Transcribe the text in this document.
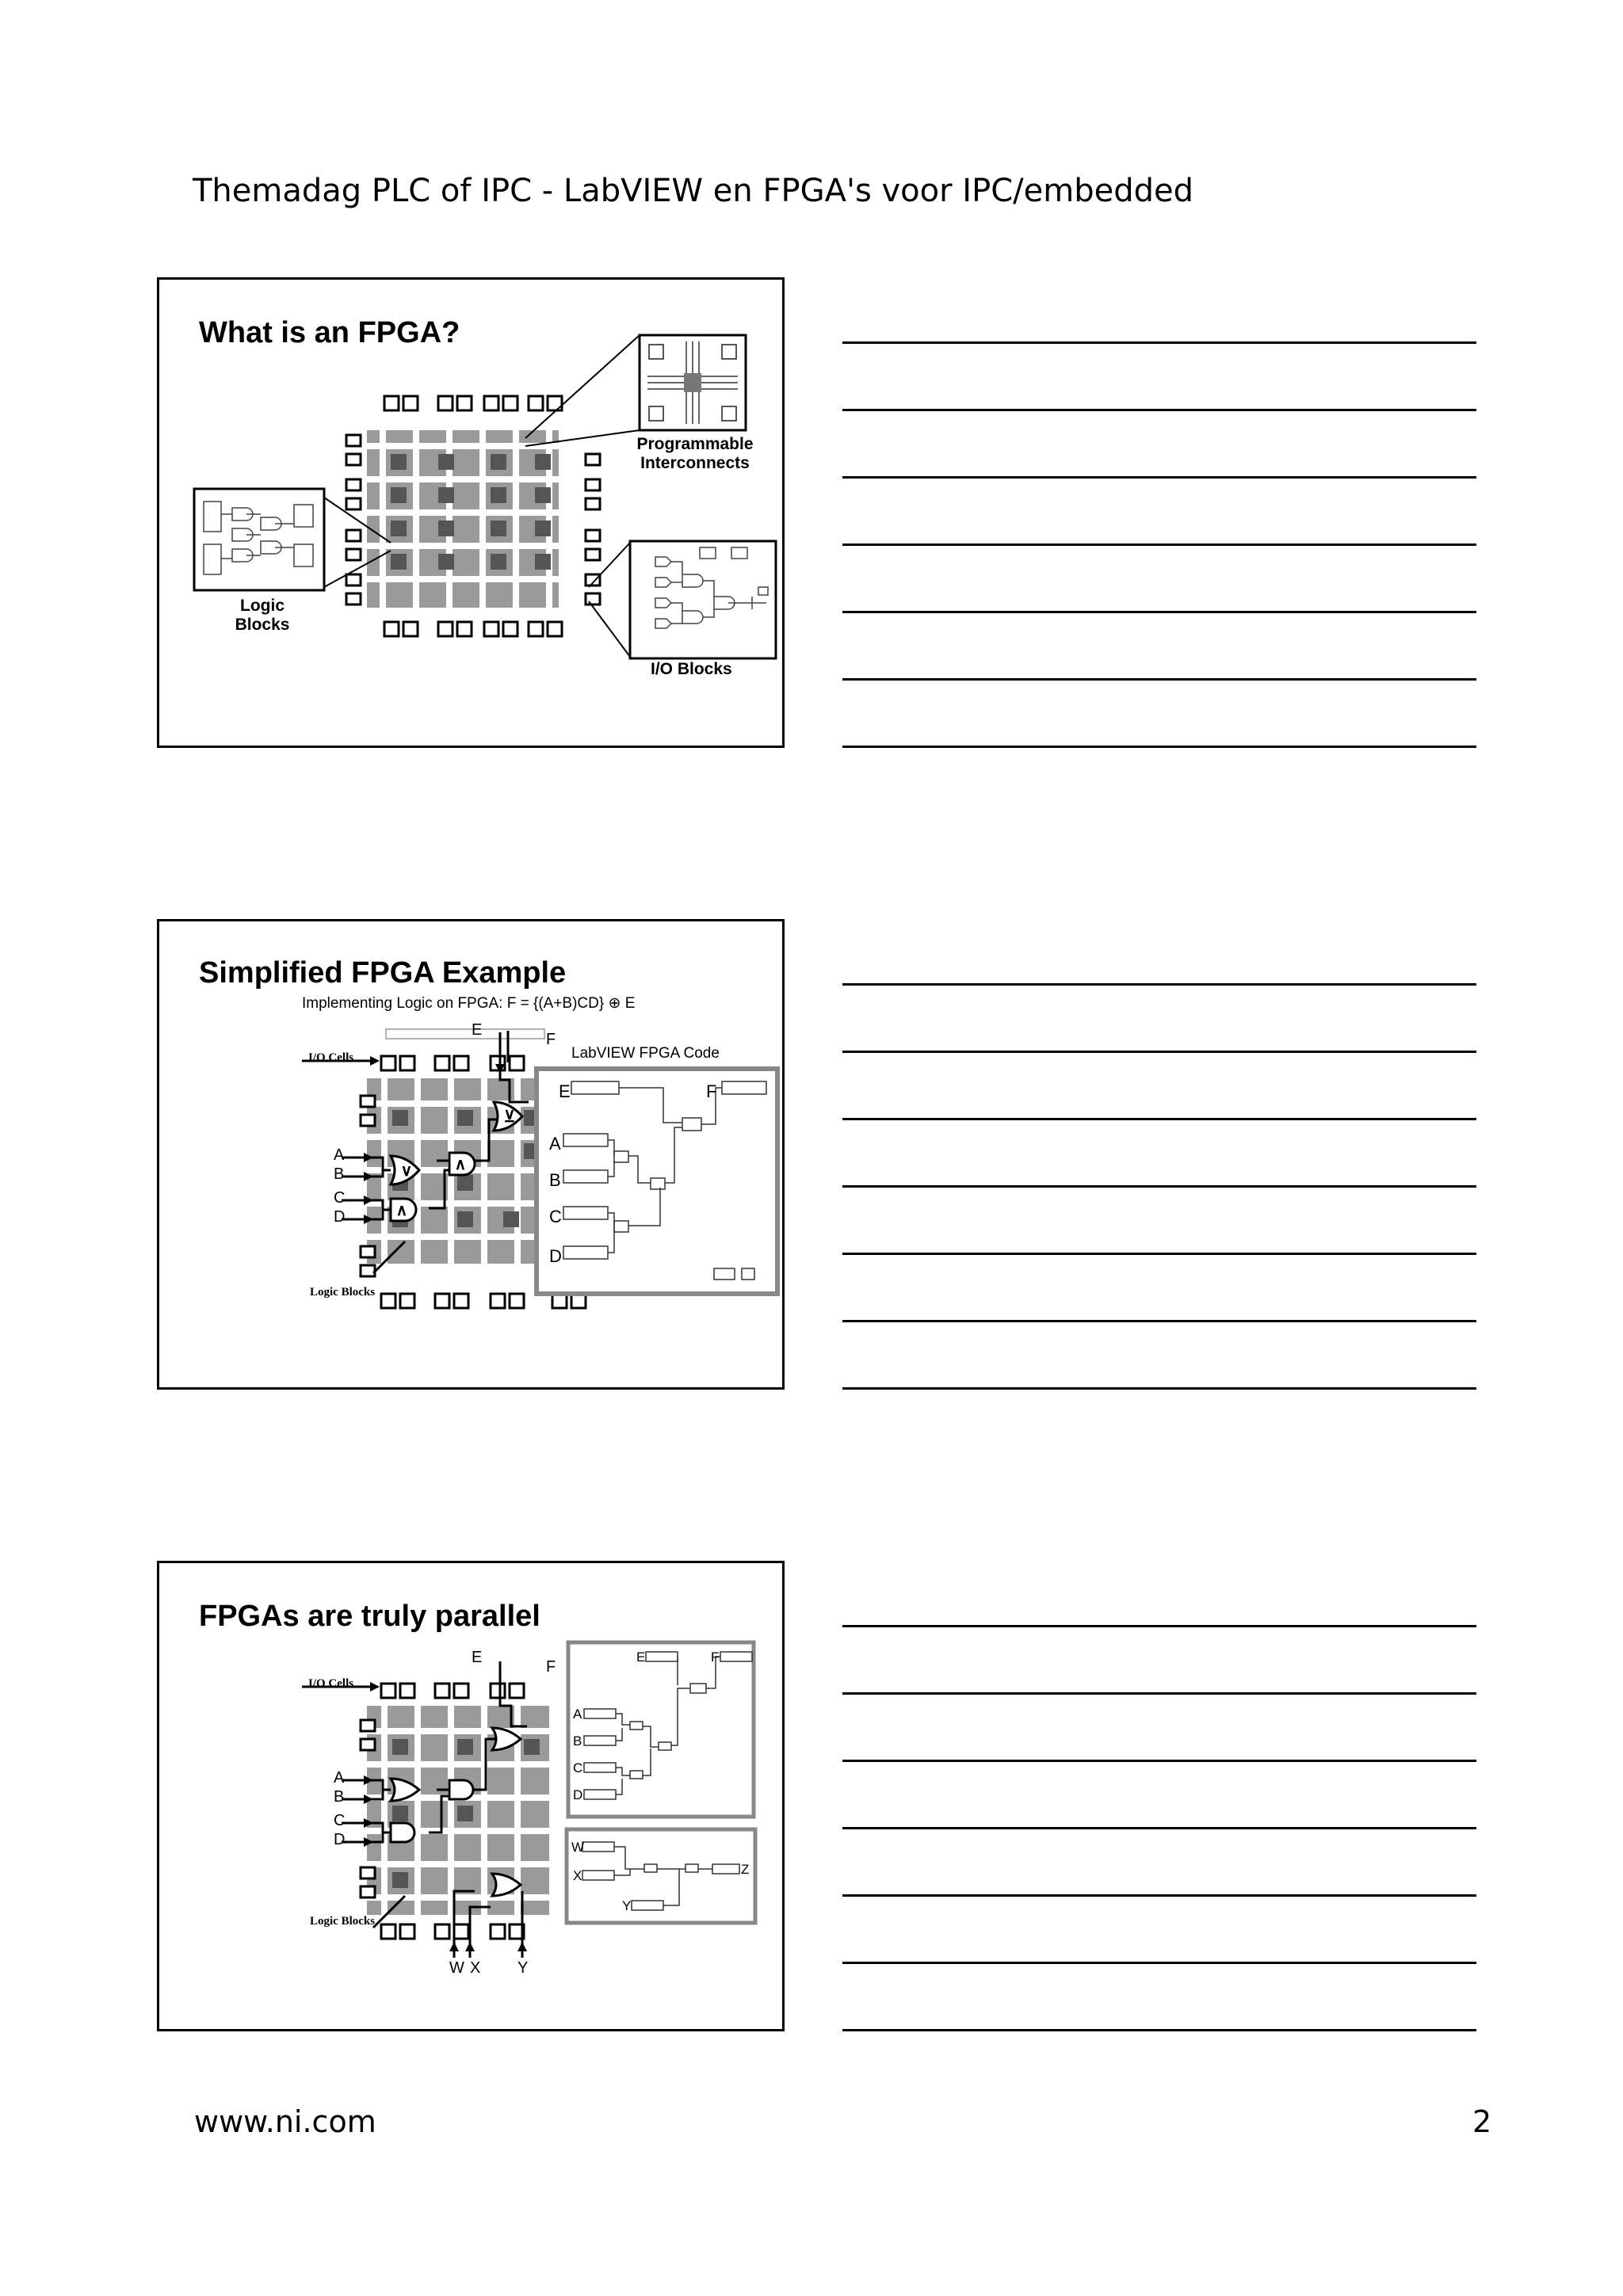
Themadag PLC of IPC - LabVIEW en FPGA's voor IPC/embedded
What is an FPGA?
Programmable
Interconnects
Logic
Blocks
I/O Blocks
∨	∧
∧
⊻
E	F
A
B
C
D
Simplified FPGA Example
Implementing Logic on FPGA: F = {(A+B)CD} ⊕ E
E
F
LabVIEW FPGA Code
I/O Cells
Logic Blocks
A
B
C
D
A
B
C
D
E	F
W
X
Y
Z
FPGAs are truly parallel
E
F
I/O Cells
Logic Blocks
A
B
C
D
W X Y
www.ni.com	2
